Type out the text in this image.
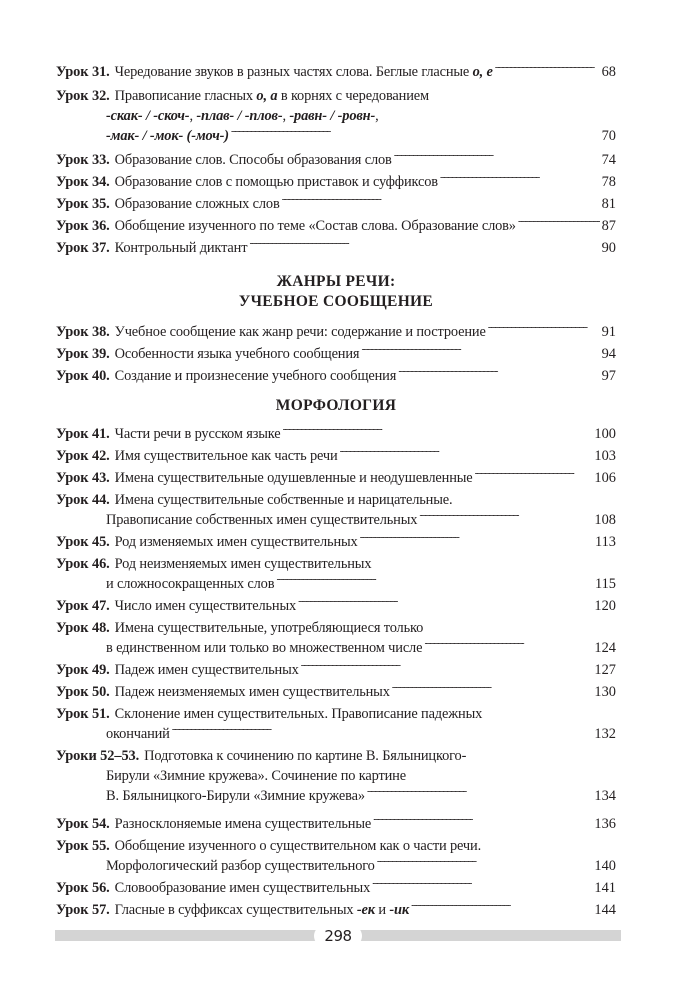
Урок 31. Чередование звуков в разных частях слова. Беглые гласные о, е . . .	68
Урок 32. Правописание гласных о, а в корнях с чередованием
-скак- / -скоч-, -плав- / -плов-, -равн- / -ровн-,
-мак- / -мок- (-моч-) . . .	70
Урок 33. Образование слов. Способы образования слов . . .	74
Урок 34. Образование слов с помощью приставок и суффиксов . . .	78
Урок 35. Образование сложных слов . . .	81
Урок 36. Обобщение изученного по теме «Состав слова. Образование слов» . . .	87
Урок 37. Контрольный диктант . . .	90
ЖАНРЫ РЕЧИ:
УЧЕБНОЕ СООБЩЕНИЕ
Урок 38. Учебное сообщение как жанр речи: содержание и построение . . .	91
Урок 39. Особенности языка учебного сообщения . . .	94
Урок 40. Создание и произнесение учебного сообщения . . .	97
МОРФОЛОГИЯ
Урок 41. Части речи в русском языке . . .	100
Урок 42. Имя существительное как часть речи . . .	103
Урок 43. Имена существительные одушевленные и неодушевленные . . .	106
Урок 44. Имена существительные собственные и нарицательные.
Правописание собственных имен существительных . . .	108
Урок 45. Род изменяемых имен существительных . . .	113
Урок 46. Род неизменяемых имен существительных
и сложносокращенных слов . . .	115
Урок 47. Число имен существительных . . .	120
Урок 48. Имена существительные, употребляющиеся только
в единственном или только во множественном числе . . .	124
Урок 49. Падеж имен существительных . . .	127
Урок 50. Падеж неизменяемых имен существительных . . .	130
Урок 51. Склонение имен существительных. Правописание падежных
окончаний . . .	132
Уроки 52–53. Подготовка к сочинению по картине В. Бялыницкого-
Бирули «Зимние кружева». Сочинение по картине
В. Бялыницкого-Бирули «Зимние кружева» . . .	134
Урок 54. Разносклоняемые имена существительные . . .	136
Урок 55. Обобщение изученного о существительном как о части речи.
Морфологический разбор существительного . . .	140
Урок 56. Словообразование имен существительных . . .	141
Урок 57. Гласные в суффиксах существительных -ек и -ик . . .	144
298
